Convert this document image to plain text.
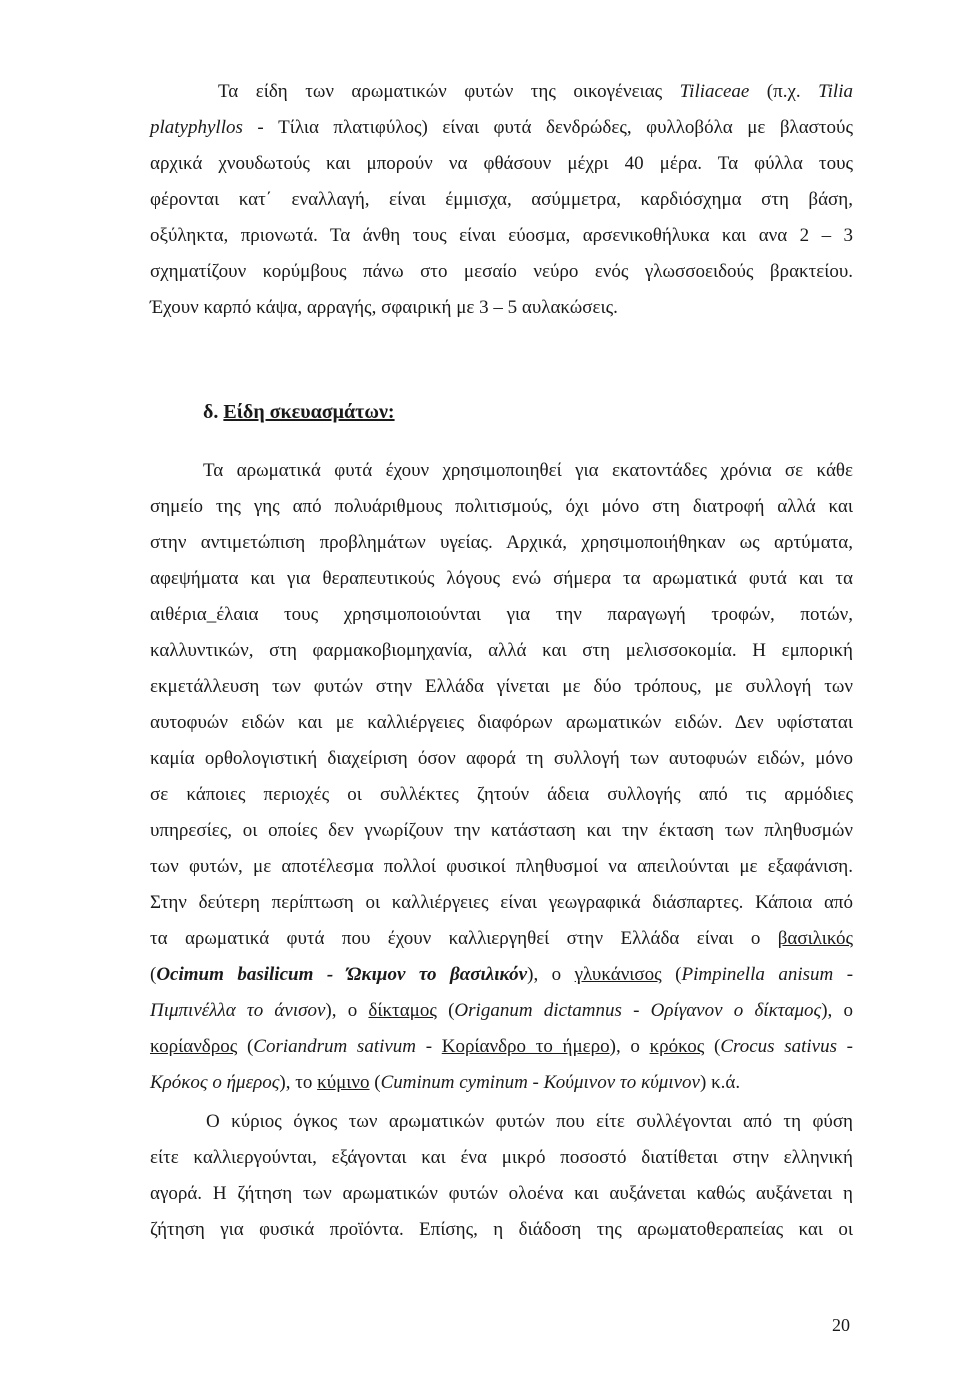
Τα είδη των αρωματικών φυτών της οικογένειας Tiliaceae (π.χ. Tilia
platyphyllos - Τίλια πλατιφύλος) είναι φυτά δενδρώδες, φυλλοβόλα με βλαστούς
αρχικά χνουδωτούς και μπορούν να φθάσουν μέχρι 40 μέρα. Τα φύλλα τους
φέρονται κατ΄ εναλλαγή, είναι έμμισχα, ασύμμετρα, καρδιόσχημα στη βάση,
οξύληκτα, πριονωτά. Τα άνθη τους είναι εύοσμα, αρσενικοθήλυκα και ανα 2 – 3
σχηματίζουν κορύμβους πάνω στο μεσαίο νεύρο ενός γλωσσοειδούς βρακτείου.
Έχουν καρπό κάψα, αρραγής, σφαιρική με 3 – 5 αυλακώσεις.
δ. Είδη σκευασμάτων:
Τα αρωματικά φυτά έχουν χρησιμοποιηθεί για εκατοντάδες χρόνια σε κάθε
σημείο της γης από πολυάριθμους πολιτισμούς, όχι μόνο στη διατροφή αλλά και
στην αντιμετώπιση προβλημάτων υγείας. Αρχικά, χρησιμοποιήθηκαν ως αρτύματα,
αφεψήματα και για θεραπευτικούς λόγους ενώ σήμερα τα αρωματικά φυτά και τα
αιθέρια_έλαια τους χρησιμοποιούνται για την παραγωγή τροφών, ποτών,
καλλυντικών, στη φαρμακοβιομηχανία, αλλά και στη μελισσοκομία. Η εμπορική
εκμετάλλευση των φυτών στην Ελλάδα γίνεται με δύο τρόπους, με συλλογή των
αυτοφυών ειδών και με καλλιέργειες διαφόρων αρωματικών ειδών. Δεν υφίσταται
καμία ορθολογιστική διαχείριση όσον αφορά τη συλλογή των αυτοφυών ειδών, μόνο
σε κάποιες περιοχές οι συλλέκτες ζητούν άδεια συλλογής από τις αρμόδιες
υπηρεσίες, οι οποίες δεν γνωρίζουν την κατάσταση και την έκταση των πληθυσμών
των φυτών, με αποτέλεσμα πολλοί φυσικοί πληθυσμοί να απειλούνται με εξαφάνιση.
Στην δεύτερη περίπτωση οι καλλιέργειες είναι γεωγραφικά διάσπαρτες. Κάποια από
τα αρωματικά φυτά που έχουν καλλιεργηθεί στην Ελλάδα είναι ο βασιλικός
(Ocimum basilicum - Ώκιμον το βασιλικόν), ο γλυκάνισος (Pimpinella anisum -
Πιμπινέλλα το άνισον), ο δίκταμος (Origanum dictamnus - Ορίγανον ο δίκταμος), ο
κορίανδρος (Coriandrum sativum - Κορίανδρο το ήμερο), ο κρόκος (Crocus sativus -
Κρόκος ο ήμερος), το κύμινο (Cuminum cyminum - Κούμινον το κύμινον) κ.ά.
Ο κύριος όγκος των αρωματικών φυτών που είτε συλλέγονται από τη φύση
είτε καλλιεργούνται, εξάγονται και ένα μικρό ποσοστό διατίθεται στην ελληνική
αγορά. Η ζήτηση των αρωματικών φυτών ολοένα και αυξάνεται καθώς αυξάνεται η
ζήτηση για φυσικά προϊόντα. Επίσης, η διάδοση της αρωματοθεραπείας και οι
20
